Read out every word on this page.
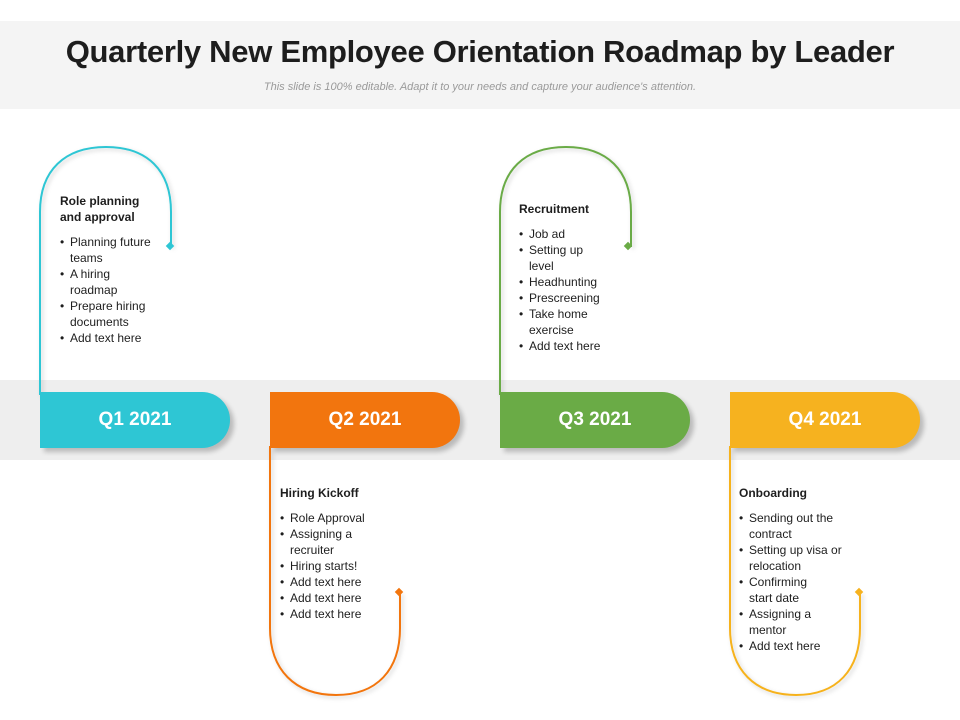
Quarterly New Employee Orientation Roadmap by Leader
This slide is 100% editable. Adapt it to your needs and capture your audience's attention.
Q1 2021	Q2 2021	Q3 2021	Q4 2021
Role planning and approval
• Planning future teams
• A hiring roadmap
• Prepare hiring documents
• Add text here
Hiring Kickoff
• Role Approval
• Assigning a recruiter
• Hiring starts!
• Add text here
• Add text here
• Add text here
Recruitment
• Job ad
• Setting up level
• Headhunting
• Prescreening
• Take home exercise
• Add text here
Onboarding
• Sending out the contract
• Setting up visa or relocation
• Confirming start date
• Assigning a mentor
• Add text here
